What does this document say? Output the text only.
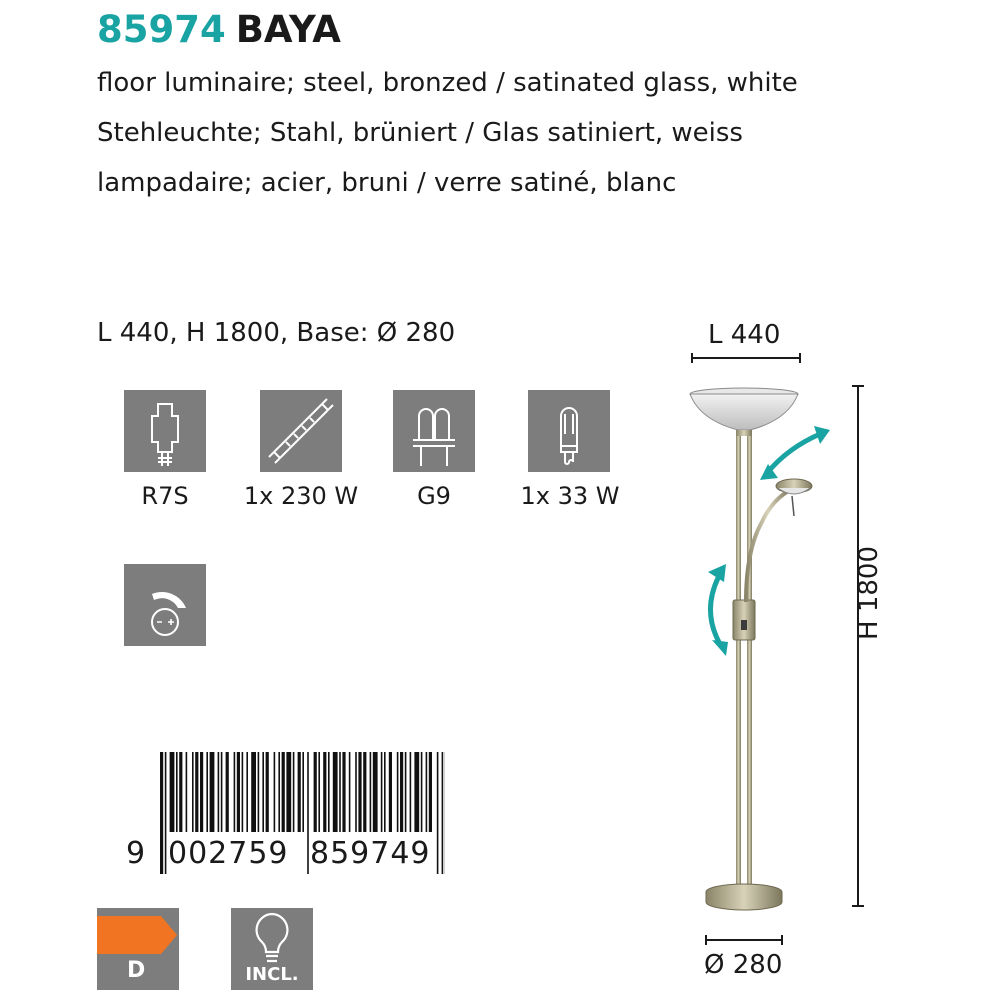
85974 BAYA
floor luminaire; steel, bronzed / satinated glass, white
Stehleuchte; Stahl, brüniert / Glas satiniert, weiss
lampadaire; acier, bruni / verre satiné, blanc
L 440, H 1800, Base: Ø 280
R7S	1x 230 W	G9	1x 33 W
9 002759 859749
D	INCL.
L 440
H 1800
Ø 280
